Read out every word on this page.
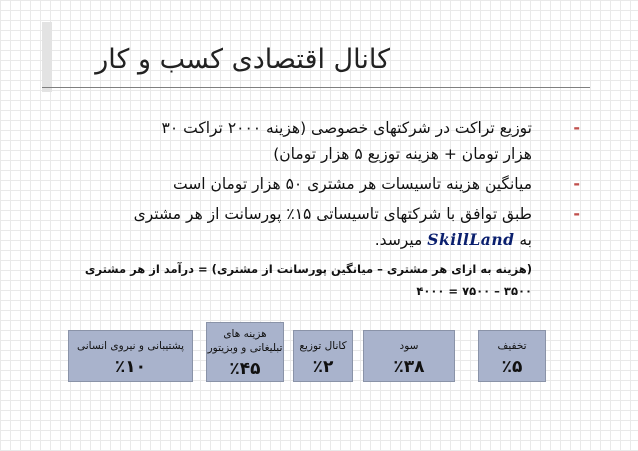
کانال اقتصادی کسب و کار
-
توزیع تراکت در شرکتهای خصوصی (هزینه ۲۰۰۰ تراکت ۳۰
هزار تومان + هزینه توزیع ۵ هزار تومان)
-
میانگین هزینه تاسیسات هر مشتری ۵۰ هزار تومان است
-
طبق توافق با شرکتهای تاسیساتی ۱۵٪ پورسانت از هر مشتری
به SkillLand میرسد.
(هزینه به ازای هر مشتری – میانگین پورسانت از مشتری) = درآمد از هر مشتری
۳۵۰۰ – ۷۵۰۰ = ۴۰۰۰
تخفیف
٪۵
سود
٪۳۸
کانال توزیع
٪۲
هزینه های تبلیغاتی و وبزیتور
٪۴۵
پشتیبانی و نیروی انسانی
٪۱۰
